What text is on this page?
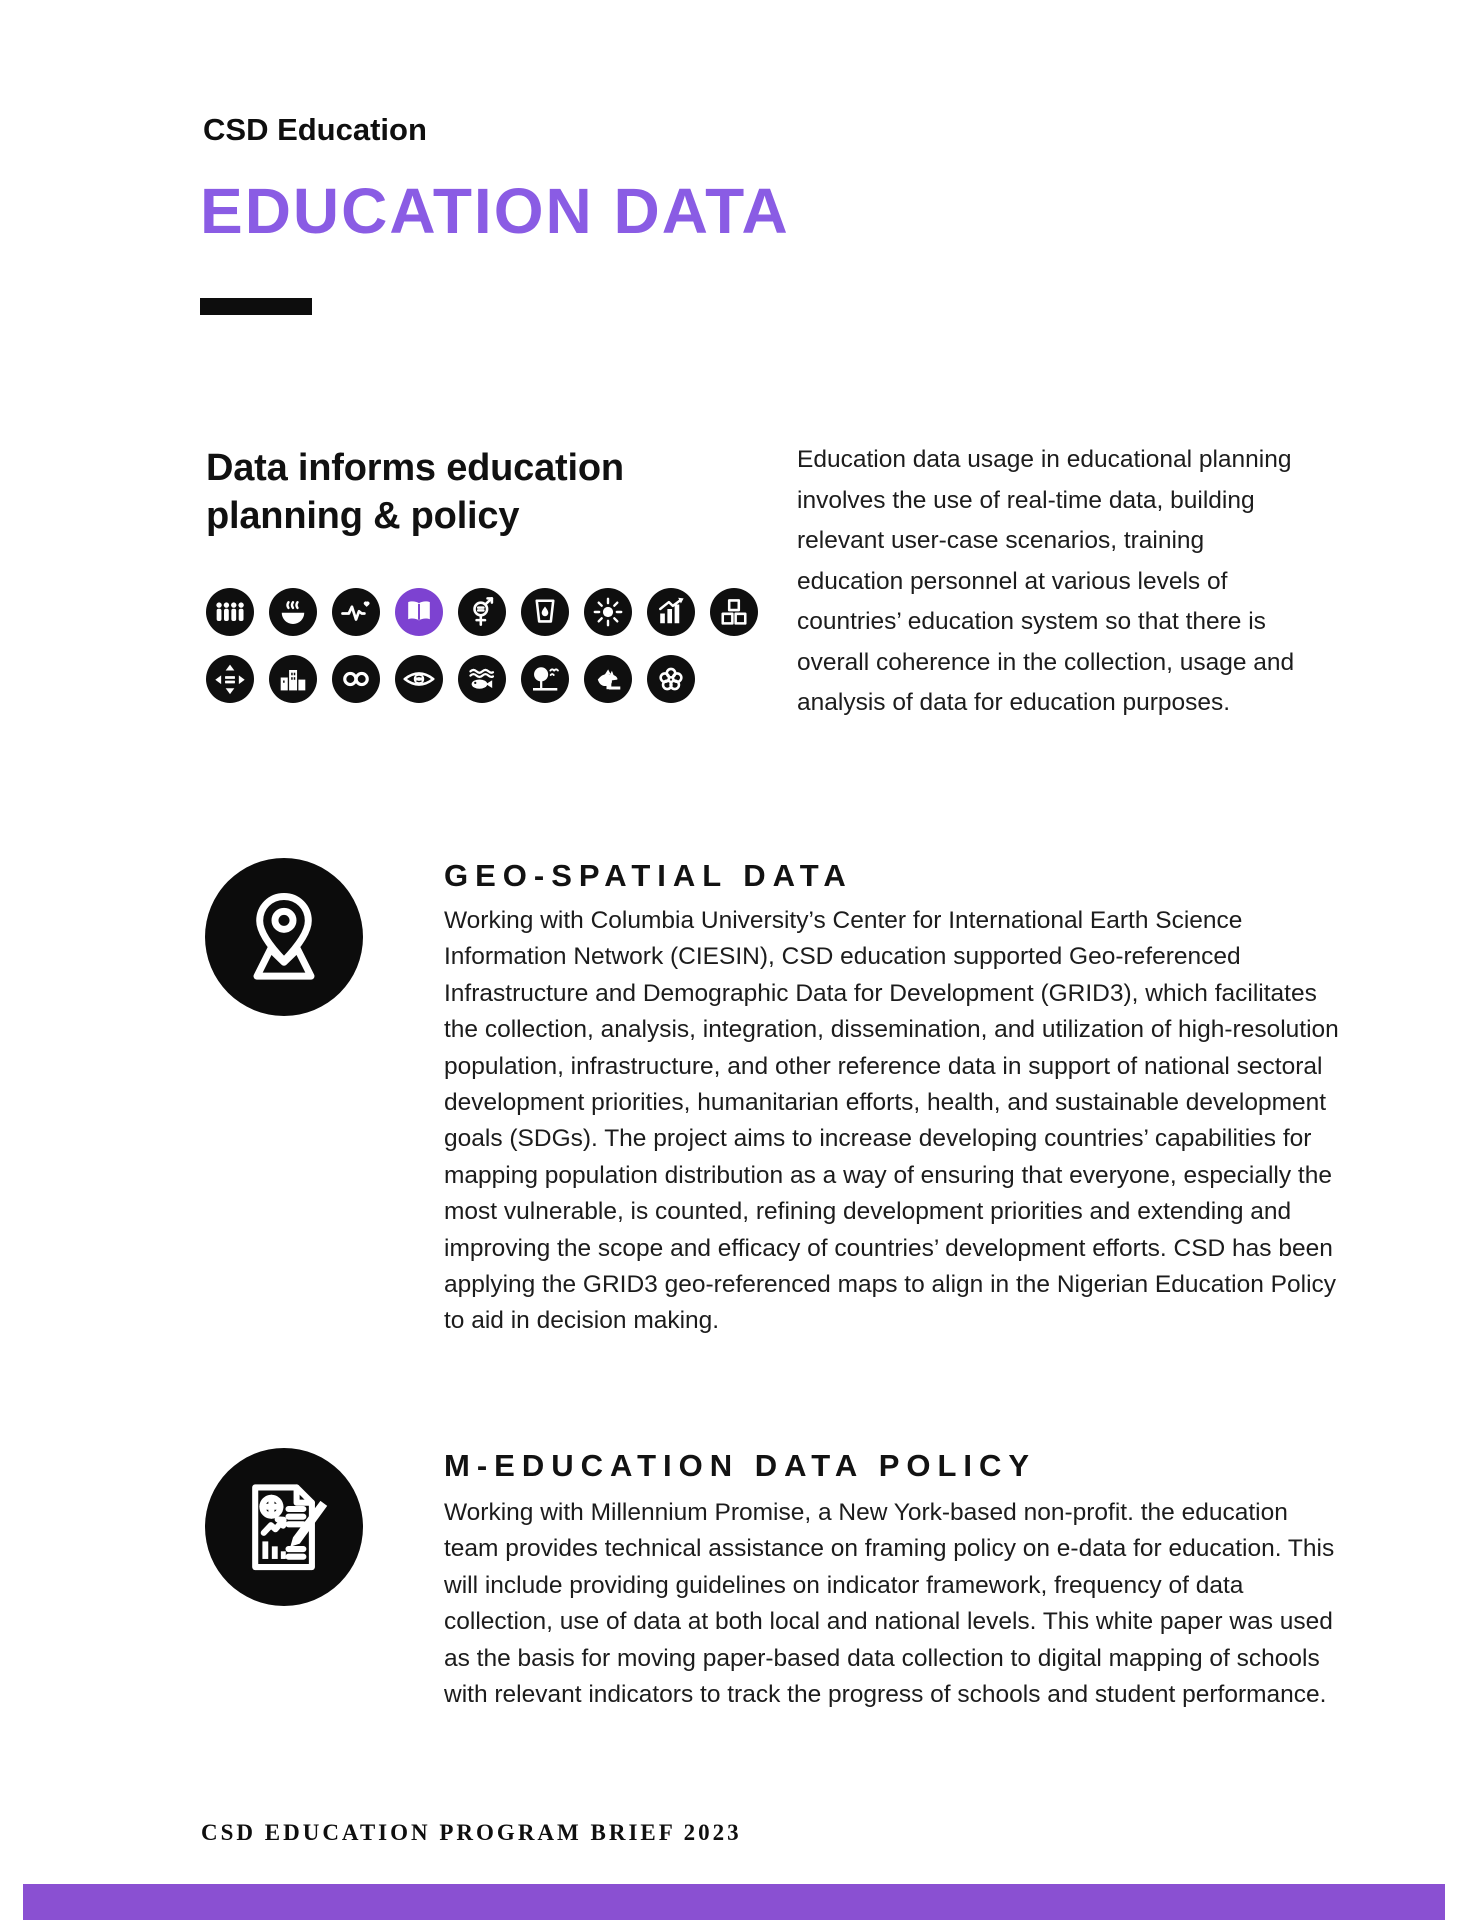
CSD Education
EDUCATION DATA
Data informs education planning & policy
Education data usage in educational planning involves the use of real-time data, building relevant user-case scenarios, training education personnel at various levels of countries’ education system so that there is overall coherence in the collection, usage and analysis of data for education purposes.
GEO-SPATIAL DATA
Working with Columbia University’s Center for International Earth Science Information Network (CIESIN), CSD education supported Geo-referenced Infrastructure and Demographic Data for Development (GRID3), which facilitates the collection, analysis, integration, dissemination, and utilization of high-resolution population, infrastructure, and other reference data in support of national sectoral development priorities, humanitarian efforts, health, and sustainable development goals (SDGs). The project aims to increase developing countries’ capabilities for mapping population distribution as a way of ensuring that everyone, especially the most vulnerable, is counted, refining development priorities and extending and improving the scope and efficacy of countries’ development efforts. CSD has been applying the GRID3 geo-referenced maps to align in the Nigerian Education Policy to aid in decision making.
M-EDUCATION DATA POLICY
Working with Millennium Promise, a New York-based non-profit. the education team provides technical assistance on framing policy on e-data for education. This will include providing guidelines on indicator framework, frequency of data collection, use of data at both local and national levels. This white paper was used as the basis for moving paper-based data collection to digital mapping of schools with relevant indicators to track the progress of schools and student performance.
CSD EDUCATION PROGRAM BRIEF 2023
